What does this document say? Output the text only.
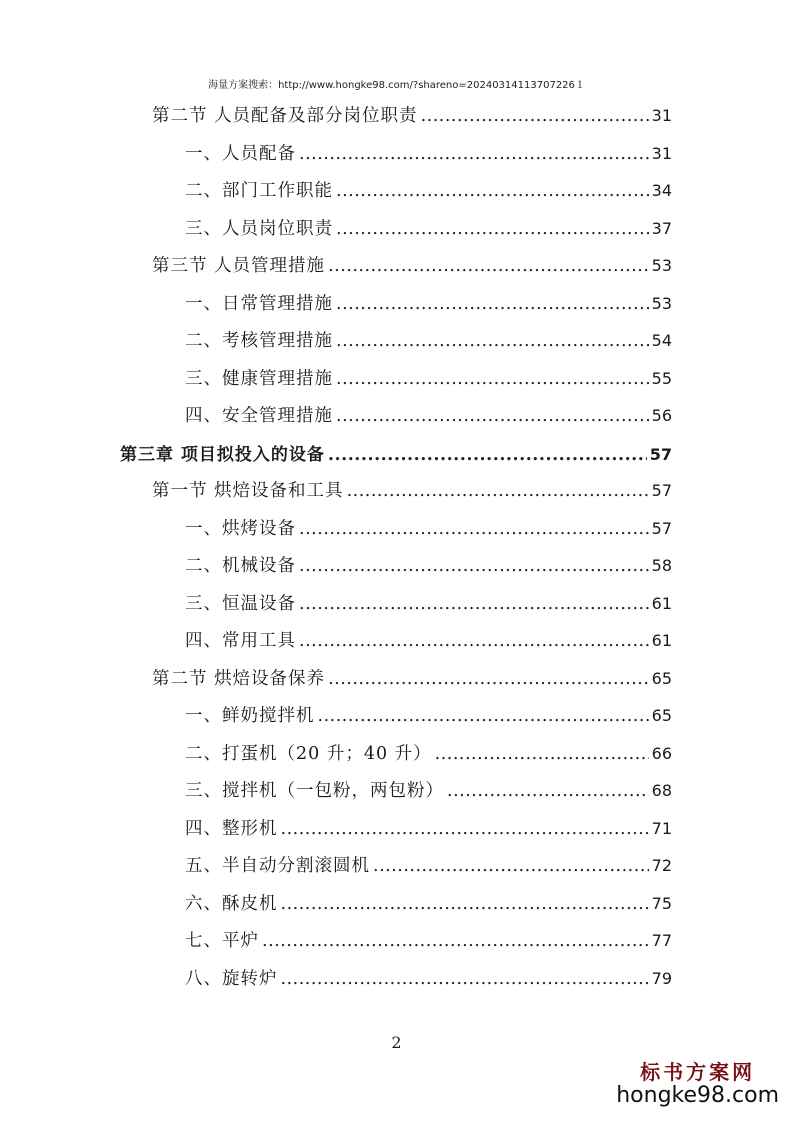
海量方案搜索：http://www.hongke98.com/?shareno=20240314113707226１
第二节 人员配备及部分岗位职责 .....	31
一、人员配备 .....	31
二、部门工作职能 .....	34
三、人员岗位职责 .....	37
第三节 人员管理措施 .....	53
一、日常管理措施 .....	53
二、考核管理措施 .....	54
三、健康管理措施 .....	55
四、安全管理措施 .....	56
第三章 项目拟投入的设备 .....	57
第一节 烘焙设备和工具 .....	57
一、烘烤设备 .....	57
二、机械设备 .....	58
三、恒温设备 .....	61
四、常用工具 .....	61
第二节 烘焙设备保养 .....	65
一、鲜奶搅拌机 .....	65
二、打蛋机（20 升；40 升） .....	66
三、搅拌机（一包粉，两包粉） .....	68
四、整形机 .....	71
五、半自动分割滚圆机 .....	72
六、酥皮机 .....	75
七、平炉 .....	77
八、旋转炉 .....	79
2
标书方案网
hongke98.com
